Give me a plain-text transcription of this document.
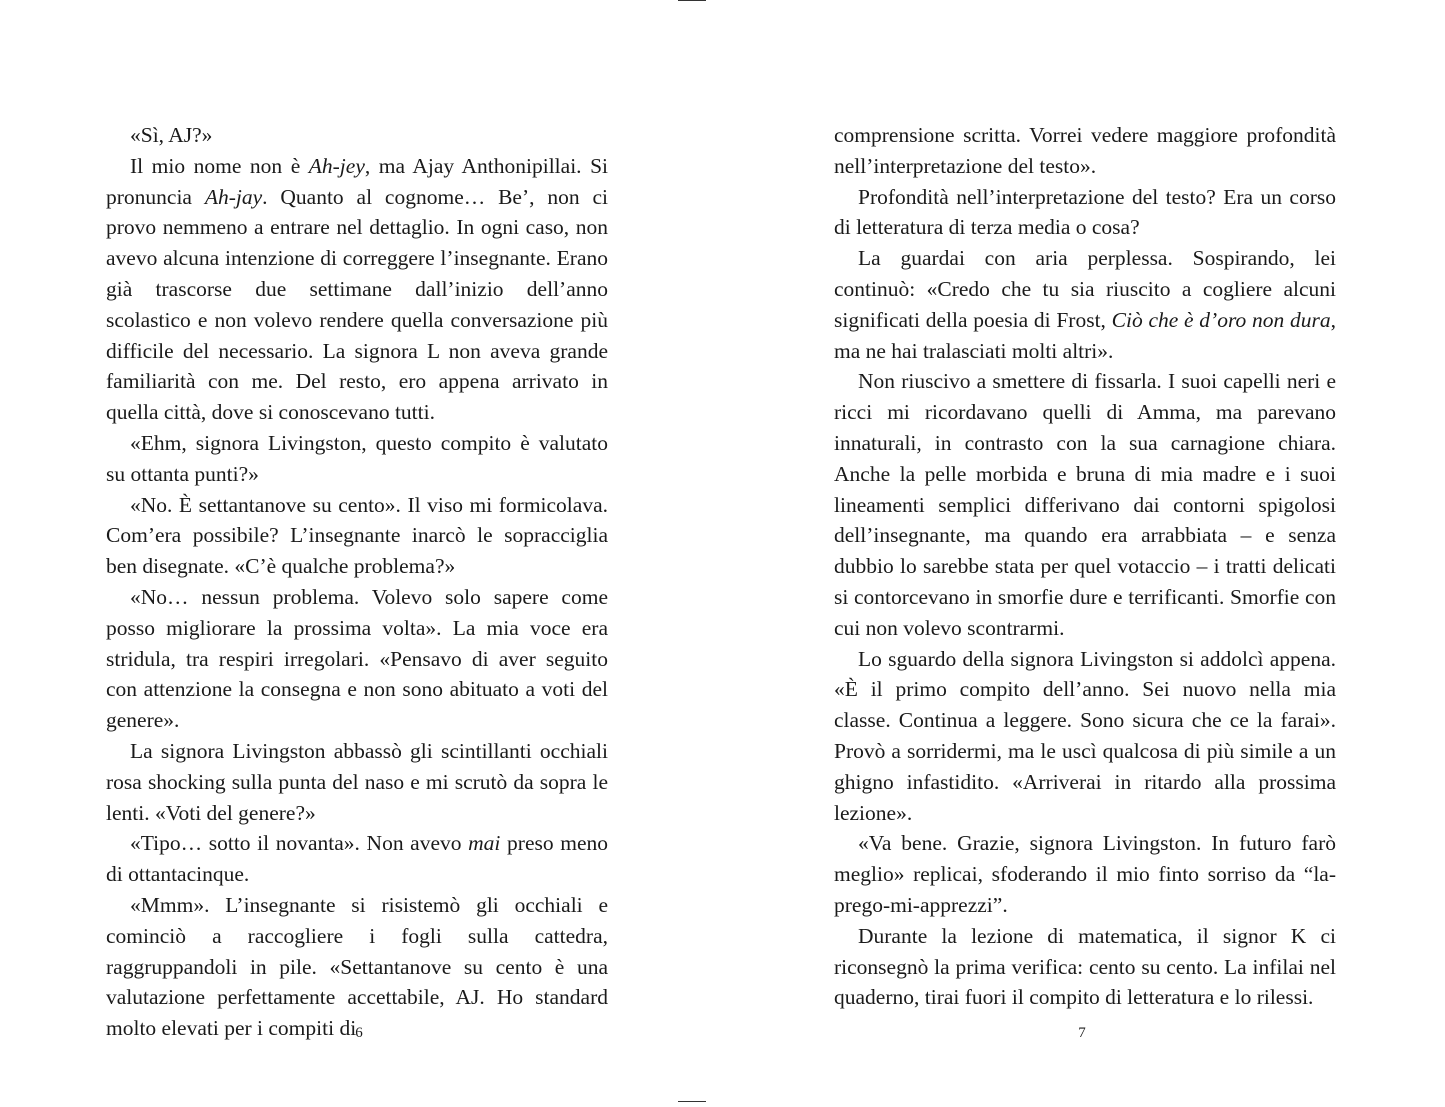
«Sì, AJ?»

Il mio nome non è Ah-jey, ma Ajay Anthonipillai. Si pronuncia Ah-jay. Quanto al cognome… Be’, non ci provo nemmeno a entrare nel dettaglio. In ogni caso, non avevo alcuna intenzione di correggere l’insegnante. Erano già trascorse due settimane dall’inizio dell’anno scolastico e non volevo rendere quella conversazione più difficile del necessario. La signora L non aveva grande familiarità con me. Del resto, ero appena arrivato in quella città, dove si conoscevano tutti.

«Ehm, signora Livingston, questo compito è valutato su ottanta punti?»

«No. È settantanove su cento». Il viso mi formicolava. Com’era possibile? L’insegnante inarcò le sopracciglia ben disegnate. «C’è qualche problema?»

«No… nessun problema. Volevo solo sapere come posso migliorare la prossima volta». La mia voce era stridula, tra respiri irregolari. «Pensavo di aver seguito con attenzione la consegna e non sono abituato a voti del genere».

La signora Livingston abbassò gli scintillanti occhiali rosa shocking sulla punta del naso e mi scrutò da sopra le lenti. «Voti del genere?»

«Tipo… sotto il novanta». Non avevo mai preso meno di ottantacinque.

«Mmm». L’insegnante si risistemò gli occhiali e cominciò a raccogliere i fogli sulla cattedra, raggruppandoli in pile. «Settantanove su cento è una valutazione perfettamente accettabile, AJ. Ho standard molto elevati per i compiti di 6

comprensione scritta. Vorrei vedere maggiore profondità nell’interpretazione del testo».

Profondità nell’interpretazione del testo? Era un corso di letteratura di terza media o cosa?

La guardai con aria perplessa. Sospirando, lei continuò: «Credo che tu sia riuscito a cogliere alcuni significati della poesia di Frost, Ciò che è d’oro non dura, ma ne hai tralasciati molti altri».

Non riuscivo a smettere di fissarla. I suoi capelli neri e ricci mi ricordavano quelli di Amma, ma parevano innaturali, in contrasto con la sua carnagione chiara. Anche la pelle morbida e bruna di mia madre e i suoi lineamenti semplici differivano dai contorni spigolosi dell’insegnante, ma quando era arrabbiata – e senza dubbio lo sarebbe stata per quel votaccio – i tratti delicati si contorcevano in smorfie dure e terrificanti. Smorfie con cui non volevo scontrarmi.

Lo sguardo della signora Livingston si addolcì appena. «È il primo compito dell’anno. Sei nuovo nella mia classe. Continua a leggere. Sono sicura che ce la farai». Provò a sorridermi, ma le uscì qualcosa di più simile a un ghigno infastidito. «Arriverai in ritardo alla prossima lezione».

«Va bene. Grazie, signora Livingston. In futuro farò meglio» replicai, sfoderando il mio finto sorriso da “la-prego-mi-apprezzi”.

Durante la lezione di matematica, il signor K ci riconsegnò la prima verifica: cento su cento. La infilai nel quaderno, tirai fuori il compito di letteratura e lo rilessi.

7
